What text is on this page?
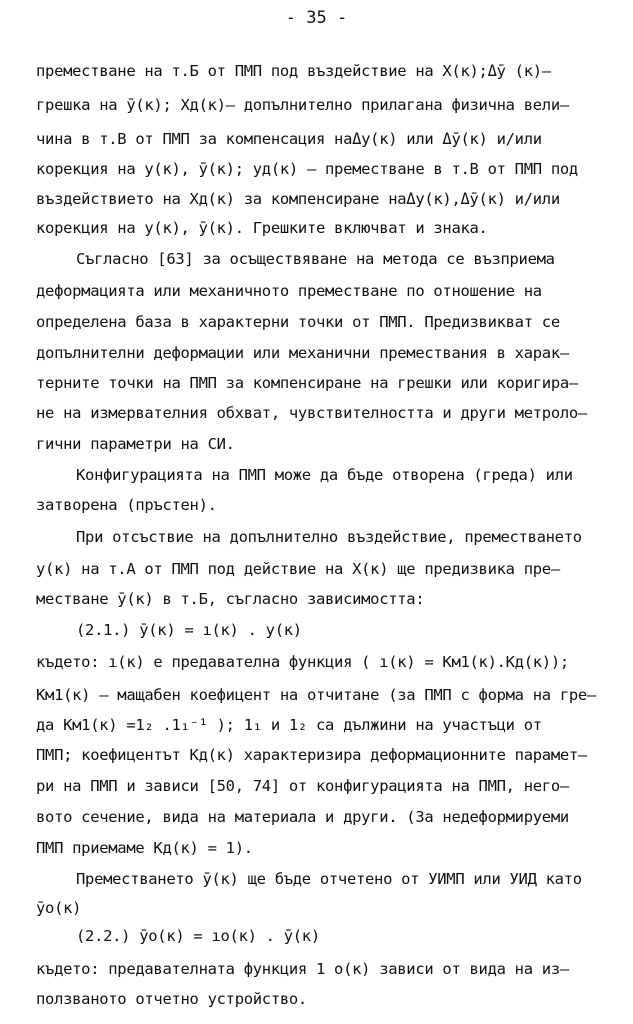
- 35 -
преместване на т.Б от ПМП под въздействие на X(к);Δȳ (к)–
грешка на ȳ(к); Xд(к)– допълнително прилагана физична вели–
чина в т.В от ПМП за компенсация наΔy(к) или Δȳ(к) и/или
корекция на y(к), ȳ(к); yд(к) – преместване в т.В от ПМП под
въздействието на Xд(к) за компенсиране наΔy(к),Δȳ(к) и/или
корекция на y(к), ȳ(к). Грешките включват и знака.
Съгласно [63] за осъществяване на метода се възприема
деформацията или механичното преместване по отношение на
определена база в характерни точки от ПМП. Предизвикват се
допълнителни деформации или механични премествания в харак–
терните точки на ПМП за компенсиране на грешки или коригира–
не на измервателния обхват, чувствителността и други метроло–
гични параметри на СИ.
Конфигурацията на ПМП може да бъде отворена (греда) или
затворена (пръстен).
При отсъствие на допълнително въздействие, преместването
y(к) на т.А от ПМП под действие на X(к) ще предизвика пре–
местване ȳ(к) в т.Б, съгласно зависимостта:
(2.1.) ȳ(к) = ı(к) . y(к)
където: ı(к) е предавателна функция ( ı(к) = Kм1(к).Kд(к));
Kм1(к) – мащабен коефицент на отчитане (за ПМП с форма на гре–
да Kм1(к) =1₂ .1₁⁻¹ ); 1₁ и 1₂ са дължини на участъци от
ПМП; коефицентът Kд(к) характеризира деформационните парамет–
ри на ПМП и зависи [50, 74] от конфигурацията на ПМП, него–
вото сечение, вида на материала и други. (За недеформируеми
ПМП приемаме Kд(к) = 1).
Преместването ȳ(к) ще бъде отчетено от УИМП или УИД като
ȳо(к)
(2.2.) ȳо(к) = ıо(к) . ȳ(к)
където: предавателната функция 1 о(к) зависи от вида на из–
ползваното отчетно устройство.
